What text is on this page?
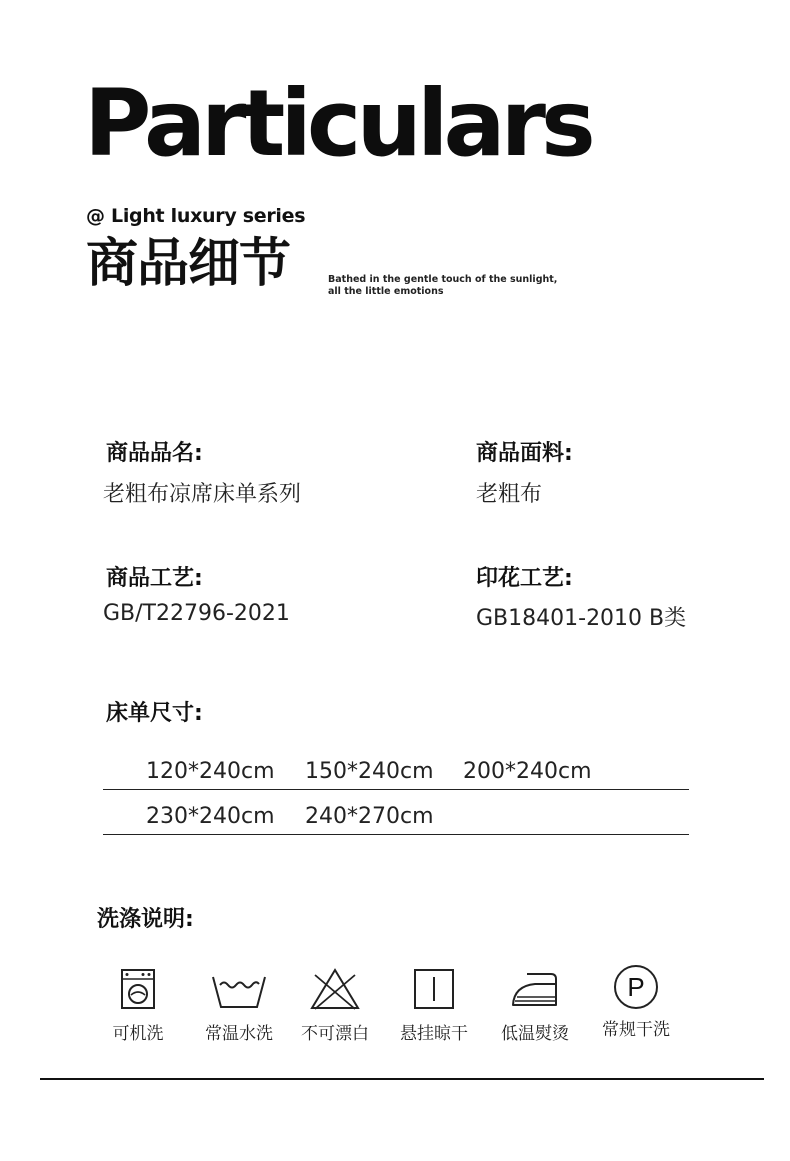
Particulars
@ Light luxury series
商品细节	Bathed in the gentle touch of the sunlight,
all the little emotions
商品品名:
老粗布凉席床单系列
商品面料:
老粗布
商品工艺:
GB/T22796-2021
印花工艺:
GB18401-2010 B类
床单尺寸:
120*240cm 150*240cm 200*240cm
230*240cm 240*270cm
洗涤说明:
可机洗	常温水洗	不可漂白	悬挂晾干	低温熨烫
P
常规干洗
